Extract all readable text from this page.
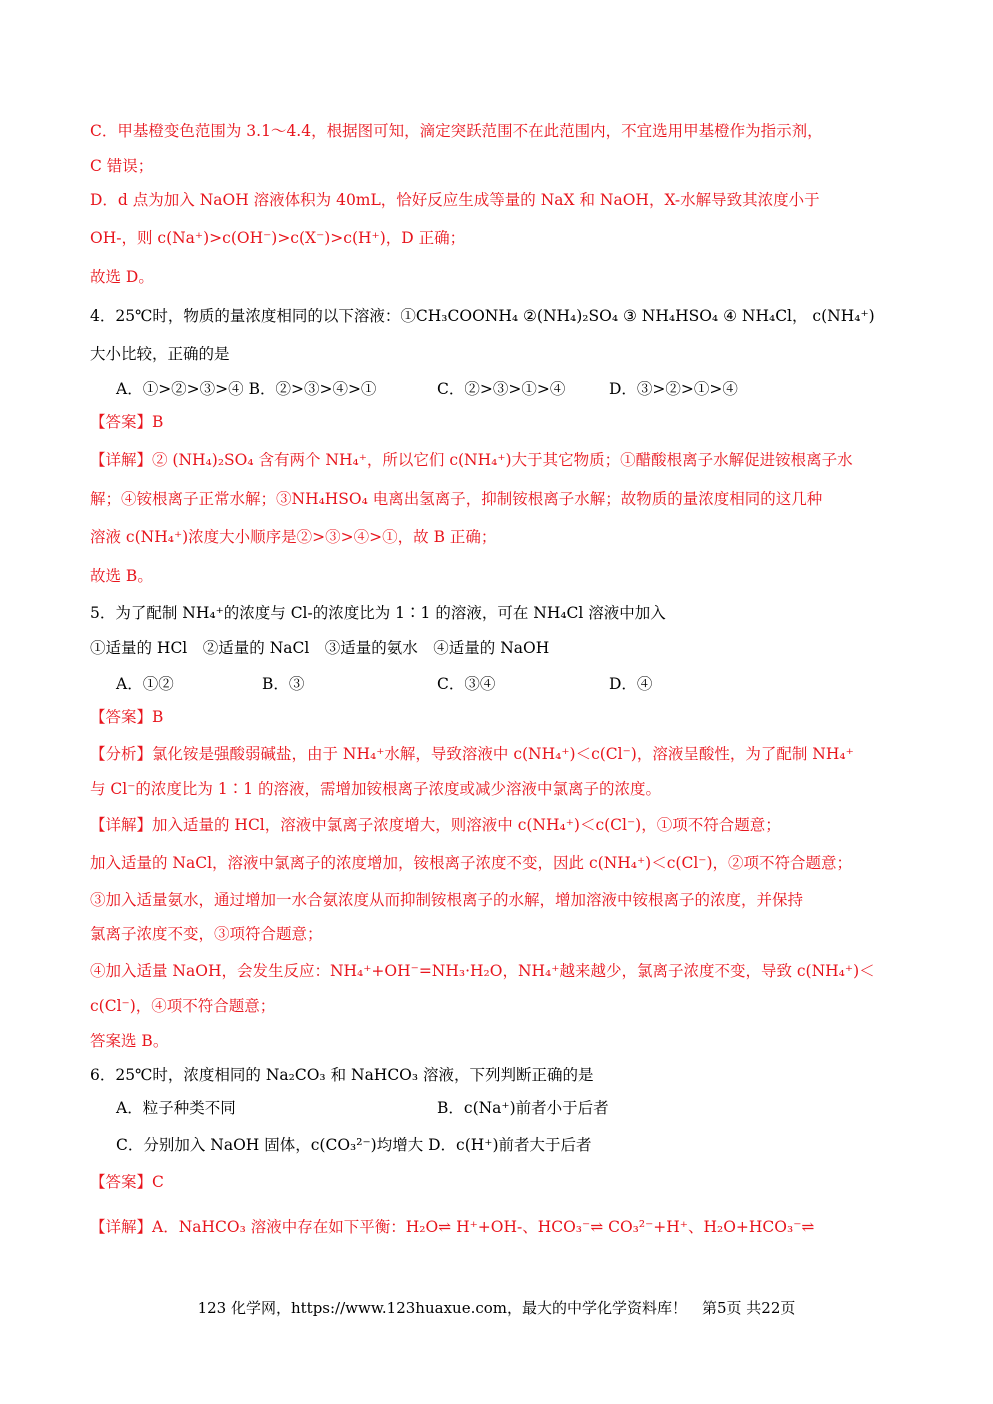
C．甲基橙变色范围为 3.1～4.4，根据图可知，滴定突跃范围不在此范围内，不宜选用甲基橙作为指示剂，
C 错误；
D．d 点为加入 NaOH 溶液体积为 40mL，恰好反应生成等量的 NaX 和 NaOH，X-水解导致其浓度小于
OH-，则 c(Na⁺)>c(OH⁻)>c(X⁻)>c(H⁺)，D 正确；
故选 D。
4．25℃时，物质的量浓度相同的以下溶液：①CH₃COONH₄ ②(NH₄)₂SO₄ ③ NH₄HSO₄ ④ NH₄Cl， c(NH₄⁺)
大小比较，正确的是
A．①>②>③>④ B．②>③>④>①	C．②>③>①>④	D．③>②>①>④
【答案】B
【详解】② (NH₄)₂SO₄ 含有两个 NH₄⁺，所以它们 c(NH₄⁺)大于其它物质；①醋酸根离子水解促进铵根离子水
解；④铵根离子正常水解；③NH₄HSO₄ 电离出氢离子，抑制铵根离子水解；故物质的量浓度相同的这几种
溶液 c(NH₄⁺)浓度大小顺序是②>③>④>①，故 B 正确；
故选 B。
5．为了配制 NH₄⁺的浓度与 Cl-的浓度比为 1∶1 的溶液，可在 NH₄Cl 溶液中加入
①适量的 HCl　②适量的 NaCl　③适量的氨水　④适量的 NaOH
A．①②	B．③	C．③④	D．④
【答案】B
【分析】氯化铵是强酸弱碱盐，由于 NH₄⁺水解，导致溶液中 c(NH₄⁺)＜c(Cl⁻)，溶液呈酸性，为了配制 NH₄⁺
与 Cl⁻的浓度比为 1∶1 的溶液，需增加铵根离子浓度或减少溶液中氯离子的浓度。
【详解】加入适量的 HCl，溶液中氯离子浓度增大，则溶液中 c(NH₄⁺)＜c(Cl⁻)，①项不符合题意；
加入适量的 NaCl，溶液中氯离子的浓度增加，铵根离子浓度不变，因此 c(NH₄⁺)＜c(Cl⁻)，②项不符合题意；
③加入适量氨水，通过增加一水合氨浓度从而抑制铵根离子的水解，增加溶液中铵根离子的浓度，并保持
氯离子浓度不变，③项符合题意；
④加入适量 NaOH，会发生反应：NH₄⁺+OH⁻=NH₃·H₂O，NH₄⁺越来越少，氯离子浓度不变，导致 c(NH₄⁺)＜
c(Cl⁻)，④项不符合题意；
答案选 B。
6．25℃时，浓度相同的 Na₂CO₃ 和 NaHCO₃ 溶液，下列判断正确的是
A．粒子种类不同	B．c(Na⁺)前者小于后者
C．分别加入 NaOH 固体，c(CO₃²⁻)均增大 D．c(H⁺)前者大于后者
【答案】C
【详解】A．NaHCO₃ 溶液中存在如下平衡：H₂O⇌ H⁺+OH-、HCO₃⁻⇌ CO₃²⁻+H⁺、H₂O+HCO₃⁻⇌
123 化学网，https://www.123huaxue.com，最大的中学化学资料库！　第5页 共22页
